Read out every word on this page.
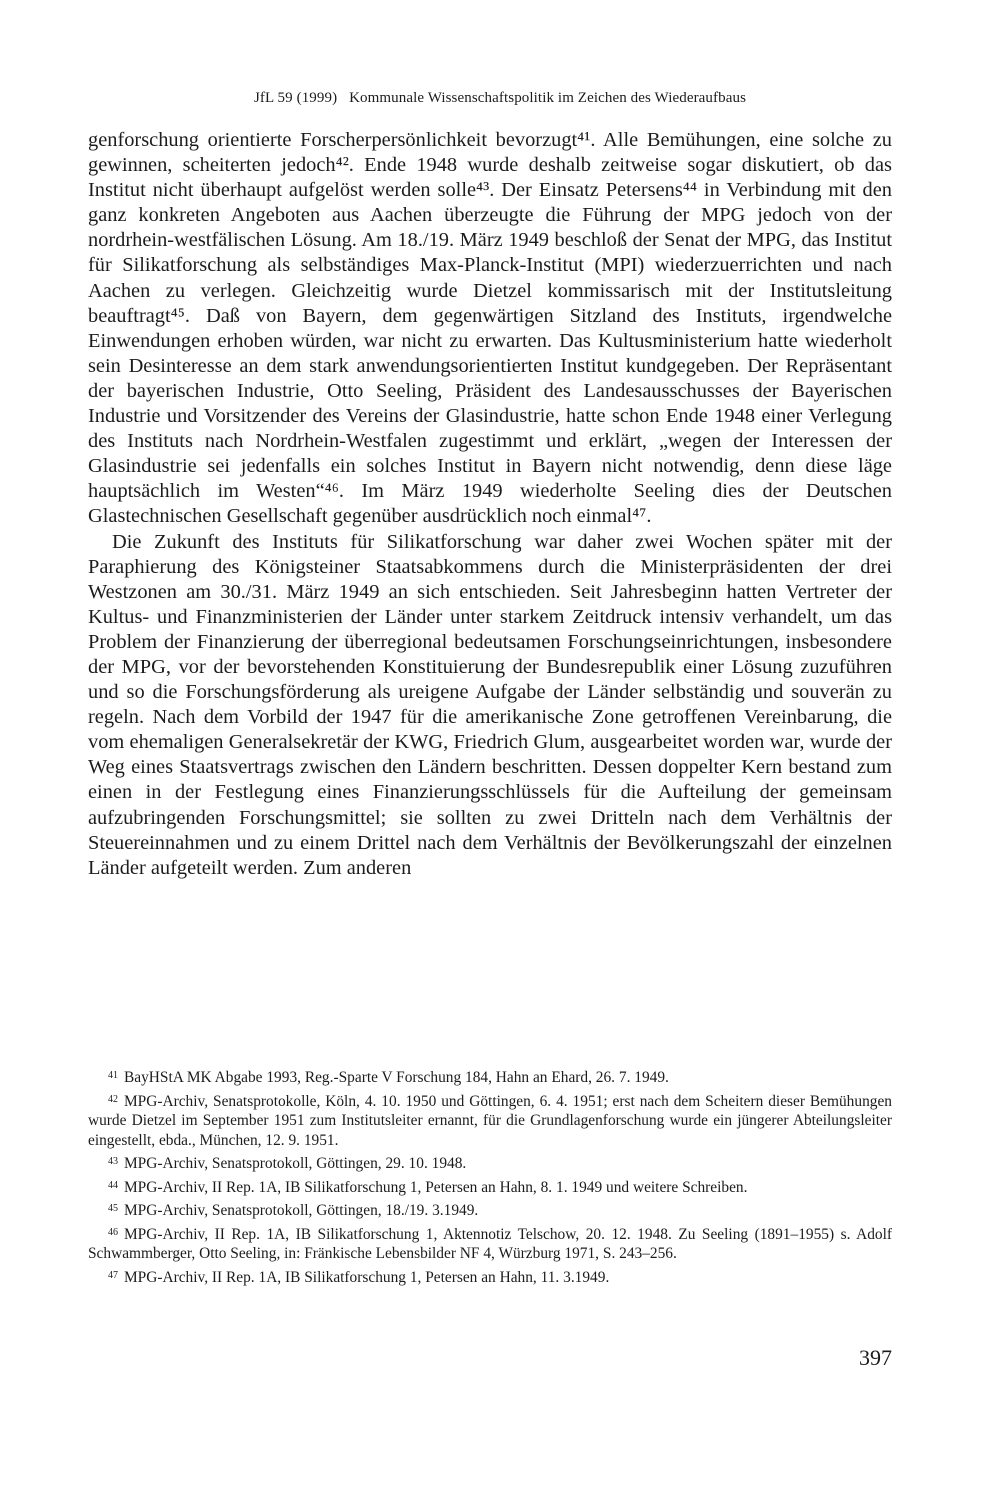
JfL 59 (1999) Kommunale Wissenschaftspolitik im Zeichen des Wiederaufbaus

genforschung orientierte Forscherpersönlichkeit bevorzugt⁴¹. Alle Bemühungen, eine solche zu gewinnen, scheiterten jedoch⁴². Ende 1948 wurde deshalb zeitweise sogar diskutiert, ob das Institut nicht überhaupt aufgelöst werden solle⁴³. Der Einsatz Petersens⁴⁴ in Verbindung mit den ganz konkreten Angeboten aus Aachen überzeugte die Führung der MPG jedoch von der nordrhein-westfälischen Lösung. Am 18./19. März 1949 beschloß der Senat der MPG, das Institut für Silikatforschung als selbständiges Max-Planck-Institut (MPI) wiederzuerrichten und nach Aachen zu verlegen. Gleichzeitig wurde Dietzel kommissarisch mit der Institutsleitung beauftragt⁴⁵. Daß von Bayern, dem gegenwärtigen Sitzland des Instituts, irgendwelche Einwendungen erhoben würden, war nicht zu erwarten. Das Kultusministerium hatte wiederholt sein Desinteresse an dem stark anwendungsorientierten Institut kundgegeben. Der Repräsentant der bayerischen Industrie, Otto Seeling, Präsident des Landesausschusses der Bayerischen Industrie und Vorsitzender des Vereins der Glasindustrie, hatte schon Ende 1948 einer Verlegung des Instituts nach Nordrhein-Westfalen zugestimmt und erklärt, „wegen der Interessen der Glasindustrie sei jedenfalls ein solches Institut in Bayern nicht notwendig, denn diese läge hauptsächlich im Westen“⁴⁶. Im März 1949 wiederholte Seeling dies der Deutschen Glastechnischen Gesellschaft gegenüber ausdrücklich noch einmal⁴⁷.

Die Zukunft des Instituts für Silikatforschung war daher zwei Wochen später mit der Paraphierung des Königsteiner Staatsabkommens durch die Ministerpräsidenten der drei Westzonen am 30./31. März 1949 an sich entschieden. Seit Jahresbeginn hatten Vertreter der Kultus- und Finanzministerien der Länder unter starkem Zeitdruck intensiv verhandelt, um das Problem der Finanzierung der überregional bedeutsamen Forschungseinrichtungen, insbesondere der MPG, vor der bevorstehenden Konstituierung der Bundesrepublik einer Lösung zuzuführen und so die Forschungsförderung als ureigene Aufgabe der Länder selbständig und souverän zu regeln. Nach dem Vorbild der 1947 für die amerikanische Zone getroffenen Vereinbarung, die vom ehemaligen Generalsekretär der KWG, Friedrich Glum, ausgearbeitet worden war, wurde der Weg eines Staatsvertrags zwischen den Ländern beschritten. Dessen doppelter Kern bestand zum einen in der Festlegung eines Finanzierungsschlüssels für die Aufteilung der gemeinsam aufzubringenden Forschungsmittel; sie sollten zu zwei Dritteln nach dem Verhältnis der Steuereinnahmen und zu einem Drittel nach dem Verhältnis der Bevölkerungszahl der einzelnen Länder aufgeteilt werden. Zum anderen

$^{41}$ BayHStA MK Abgabe 1993, Reg.-Sparte V Forschung 184, Hahn an Ehard, 26. 7. 1949.

$^{42}$ MPG-Archiv, Senatsprotokolle, Köln, 4. 10. 1950 und Göttingen, 6. 4. 1951; erst nach dem Scheitern dieser Bemühungen wurde Dietzel im September 1951 zum Institutsleiter ernannt, für die Grundlagenforschung wurde ein jüngerer Abteilungsleiter eingestellt, ebda., München, 12. 9. 1951.

$^{43}$ MPG-Archiv, Senatsprotokoll, Göttingen, 29. 10. 1948.

$^{44}$ MPG-Archiv, II Rep. 1A, IB Silikatforschung 1, Petersen an Hahn, 8. 1. 1949 und weitere Schreiben.

$^{45}$ MPG-Archiv, Senatsprotokoll, Göttingen, 18./19. 3.1949.

$^{46}$ MPG-Archiv, II Rep. 1A, IB Silikatforschung 1, Aktennotiz Telschow, 20. 12. 1948. Zu Seeling (1891–1955) s. Adolf Schwammberger, Otto Seeling, in: Fränkische Lebensbilder NF 4, Würzburg 1971, S. 243–256.

$^{47}$ MPG-Archiv, II Rep. 1A, IB Silikatforschung 1, Petersen an Hahn, 11. 3.1949.

397
